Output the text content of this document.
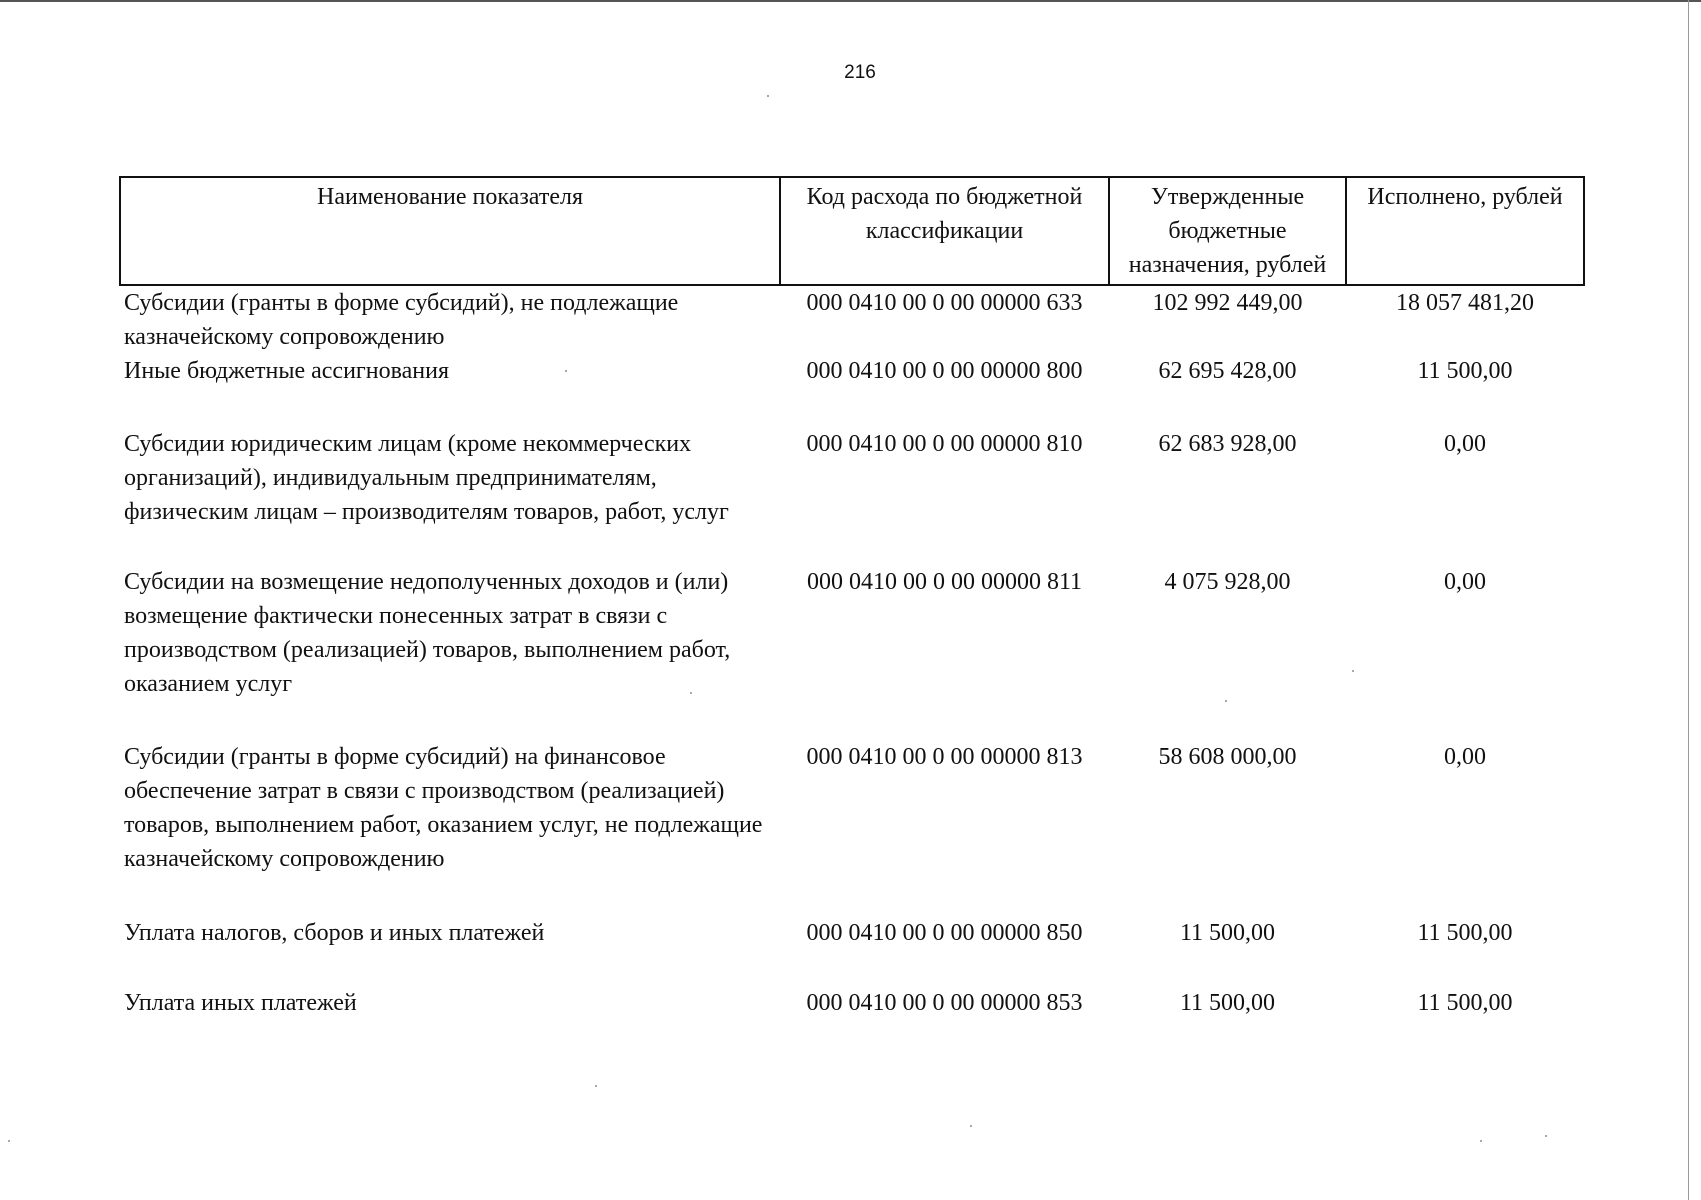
216
Наименование показателя	Код расхода по бюджетной классификации	Утвержденные бюджетные назначения, рублей	Исполнено, рублей
Субсидии (гранты в форме субсидий), не подлежащие казначейскому сопровождению	000 0410 00 0 00 00000 633	102 992 449,00	18 057 481,20
Иные бюджетные ассигнования	000 0410 00 0 00 00000 800	62 695 428,00	11 500,00
Субсидии юридическим лицам (кроме некоммерческих организаций), индивидуальным предпринимателям, физическим лицам – производителям товаров, работ, услуг	000 0410 00 0 00 00000 810	62 683 928,00	0,00
Субсидии на возмещение недополученных доходов и (или) возмещение фактически понесенных затрат в связи с производством (реализацией) товаров, выполнением работ, оказанием услуг	000 0410 00 0 00 00000 811	4 075 928,00	0,00
Субсидии (гранты в форме субсидий) на финансовое обеспечение затрат в связи с производством (реализацией) товаров, выполнением работ, оказанием услуг, не подлежащие казначейскому сопровождению	000 0410 00 0 00 00000 813	58 608 000,00	0,00
Уплата налогов, сборов и иных платежей	000 0410 00 0 00 00000 850	11 500,00	11 500,00
Уплата иных платежей	000 0410 00 0 00 00000 853	11 500,00	11 500,00
